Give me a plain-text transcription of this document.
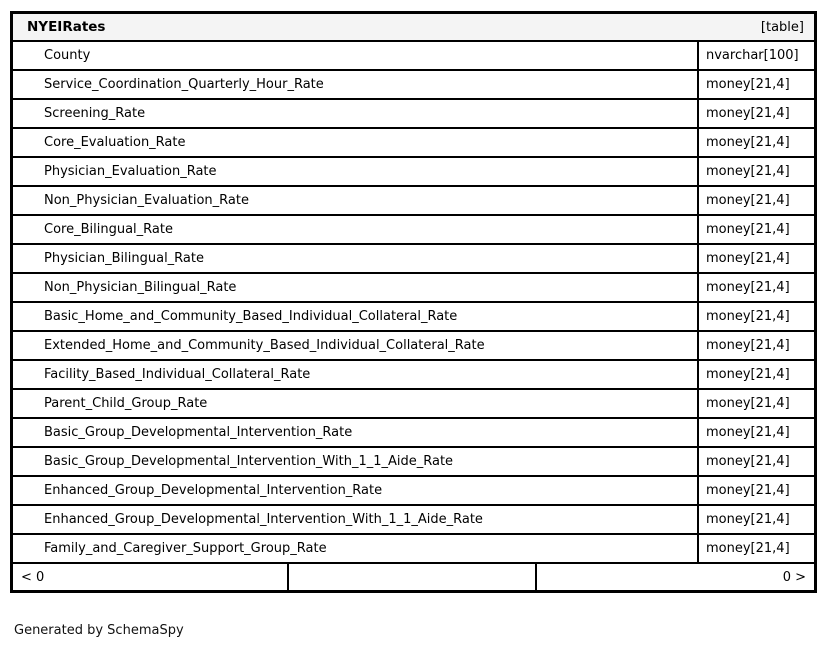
NYEIRates	[table]
County	nvarchar[100]
Service_Coordination_Quarterly_Hour_Rate	money[21,4]
Screening_Rate	money[21,4]
Core_Evaluation_Rate	money[21,4]
Physician_Evaluation_Rate	money[21,4]
Non_Physician_Evaluation_Rate	money[21,4]
Core_Bilingual_Rate	money[21,4]
Physician_Bilingual_Rate	money[21,4]
Non_Physician_Bilingual_Rate	money[21,4]
Basic_Home_and_Community_Based_Individual_Collateral_Rate	money[21,4]
Extended_Home_and_Community_Based_Individual_Collateral_Rate	money[21,4]
Facility_Based_Individual_Collateral_Rate	money[21,4]
Parent_Child_Group_Rate	money[21,4]
Basic_Group_Developmental_Intervention_Rate	money[21,4]
Basic_Group_Developmental_Intervention_With_1_1_Aide_Rate	money[21,4]
Enhanced_Group_Developmental_Intervention_Rate	money[21,4]
Enhanced_Group_Developmental_Intervention_With_1_1_Aide_Rate	money[21,4]
Family_and_Caregiver_Support_Group_Rate	money[21,4]
< 0	0 >
Generated by SchemaSpy
